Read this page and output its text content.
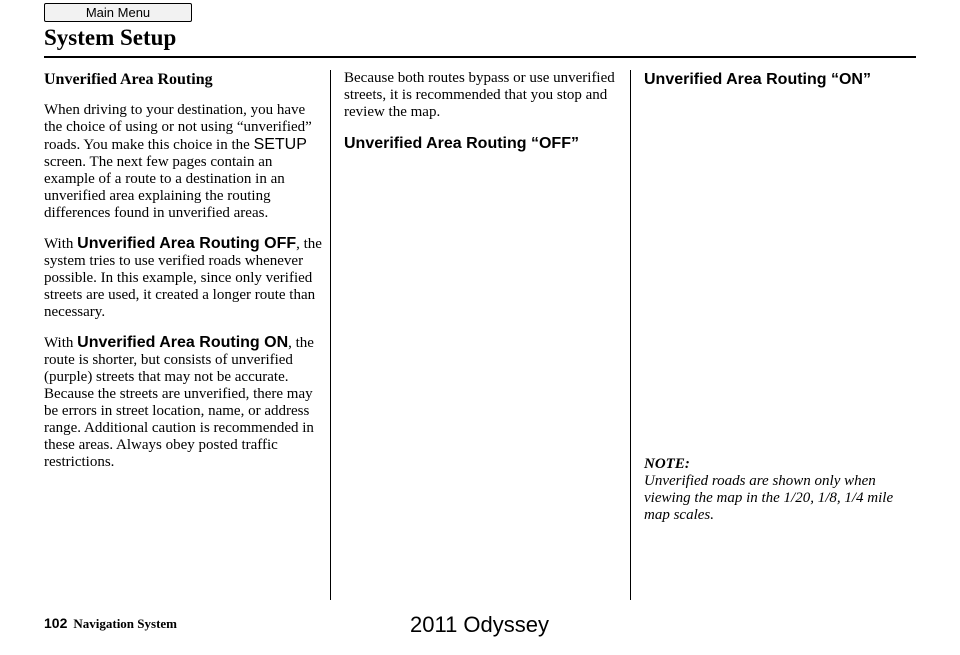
Main Menu
System Setup

Unverified Area Routing

When driving to your destination, you have the choice of using or not using “unverified” roads. You make this choice in the SETUP screen. The next few pages contain an example of a route to a destination in an unverified area explaining the routing differences found in unverified areas.

With Unverified Area Routing OFF, the system tries to use verified roads whenever possible. In this example, since only verified streets are used, it created a longer route than necessary.

With Unverified Area Routing ON, the route is shorter, but consists of unverified (purple) streets that may not be accurate. Because the streets are unverified, there may be errors in street location, name, or address range. Additional caution is recommended in these areas. Always obey posted traffic restrictions.

Because both routes bypass or use unverified streets, it is recommended that you stop and review the map.

Unverified Area Routing “OFF”

Unverified Area Routing “ON”

NOTE:

Unverified roads are shown only when viewing the map in the 1/20, 1/8, 1/4 mile map scales.

102 Navigation System	2011 Odyssey
